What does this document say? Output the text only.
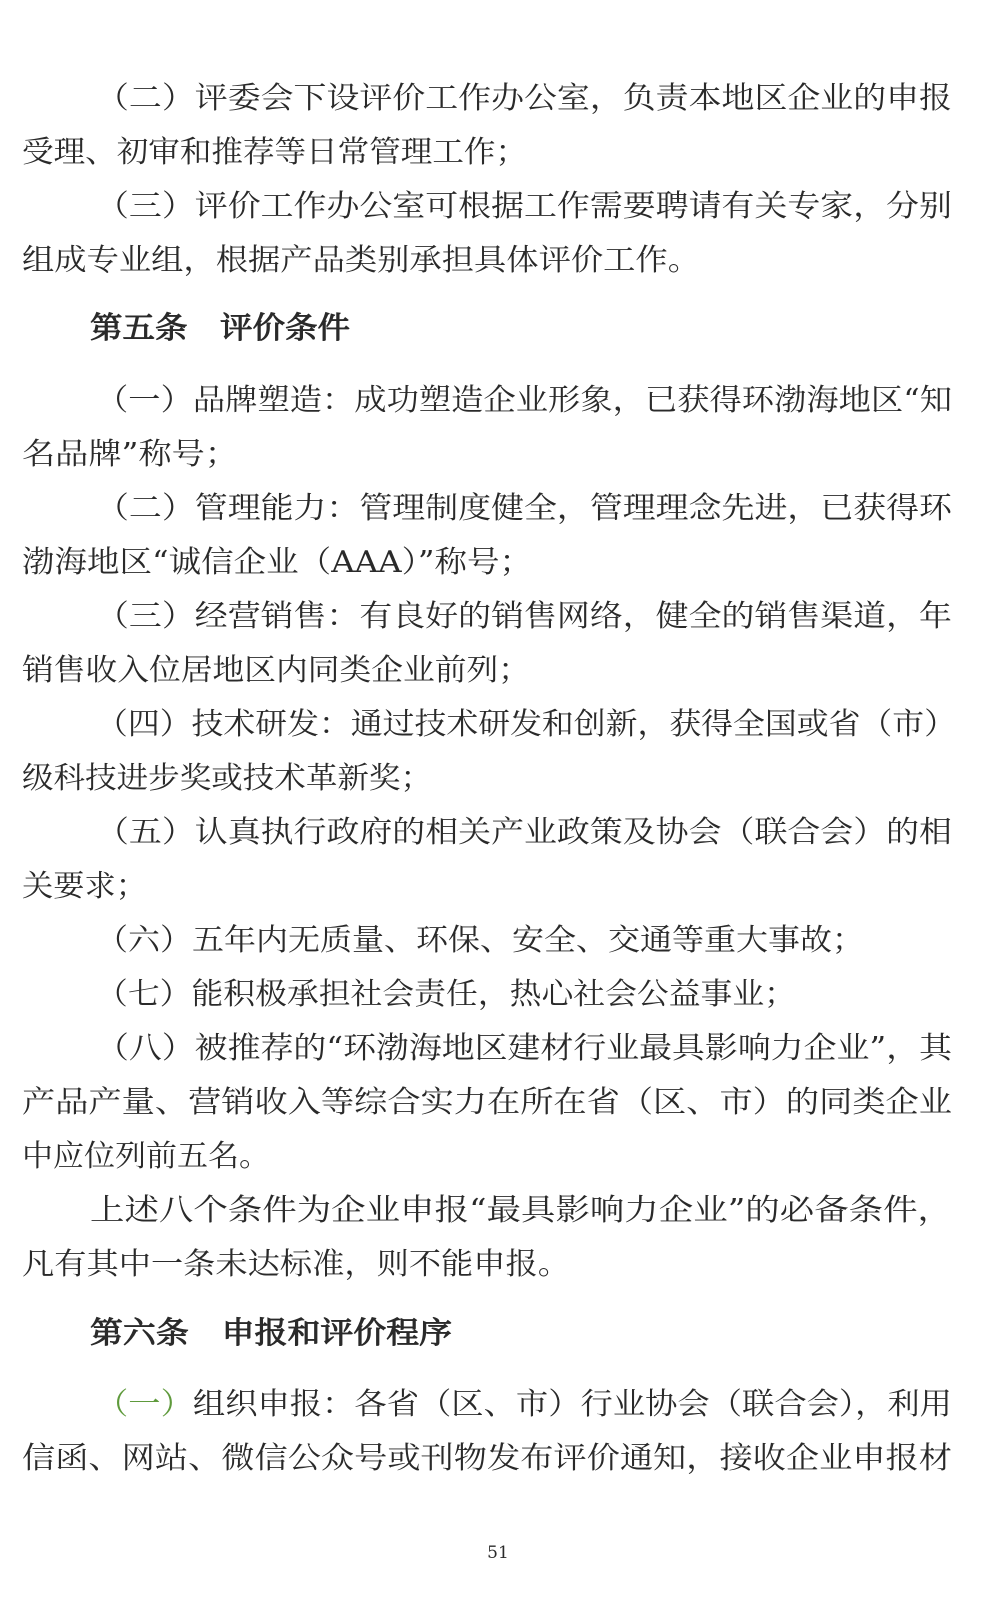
（二）评委会下设评价工作办公室，负责本地区企业的申报
受理、初审和推荐等日常管理工作；
（三）评价工作办公室可根据工作需要聘请有关专家，分别
组成专业组，根据产品类别承担具体评价工作。
第五条　评价条件
（一）品牌塑造：成功塑造企业形象，已获得环渤海地区“知
名品牌”称号；
（二）管理能力：管理制度健全，管理理念先进，已获得环
渤海地区“诚信企业（AAA）”称号；
（三）经营销售：有良好的销售网络，健全的销售渠道，年
销售收入位居地区内同类企业前列；
（四）技术研发：通过技术研发和创新，获得全国或省（市）
级科技进步奖或技术革新奖；
（五）认真执行政府的相关产业政策及协会（联合会）的相
关要求；
（六）五年内无质量、环保、安全、交通等重大事故；
（七）能积极承担社会责任，热心社会公益事业；
（八）被推荐的“环渤海地区建材行业最具影响力企业”，其
产品产量、营销收入等综合实力在所在省（区、市）的同类企业
中应位列前五名。
上述八个条件为企业申报“最具影响力企业”的必备条件，
凡有其中一条未达标准，则不能申报。
第六条　申报和评价程序
（一）组织申报：各省（区、市）行业协会（联合会），利用
信函、网站、微信公众号或刊物发布评价通知，接收企业申报材
51
